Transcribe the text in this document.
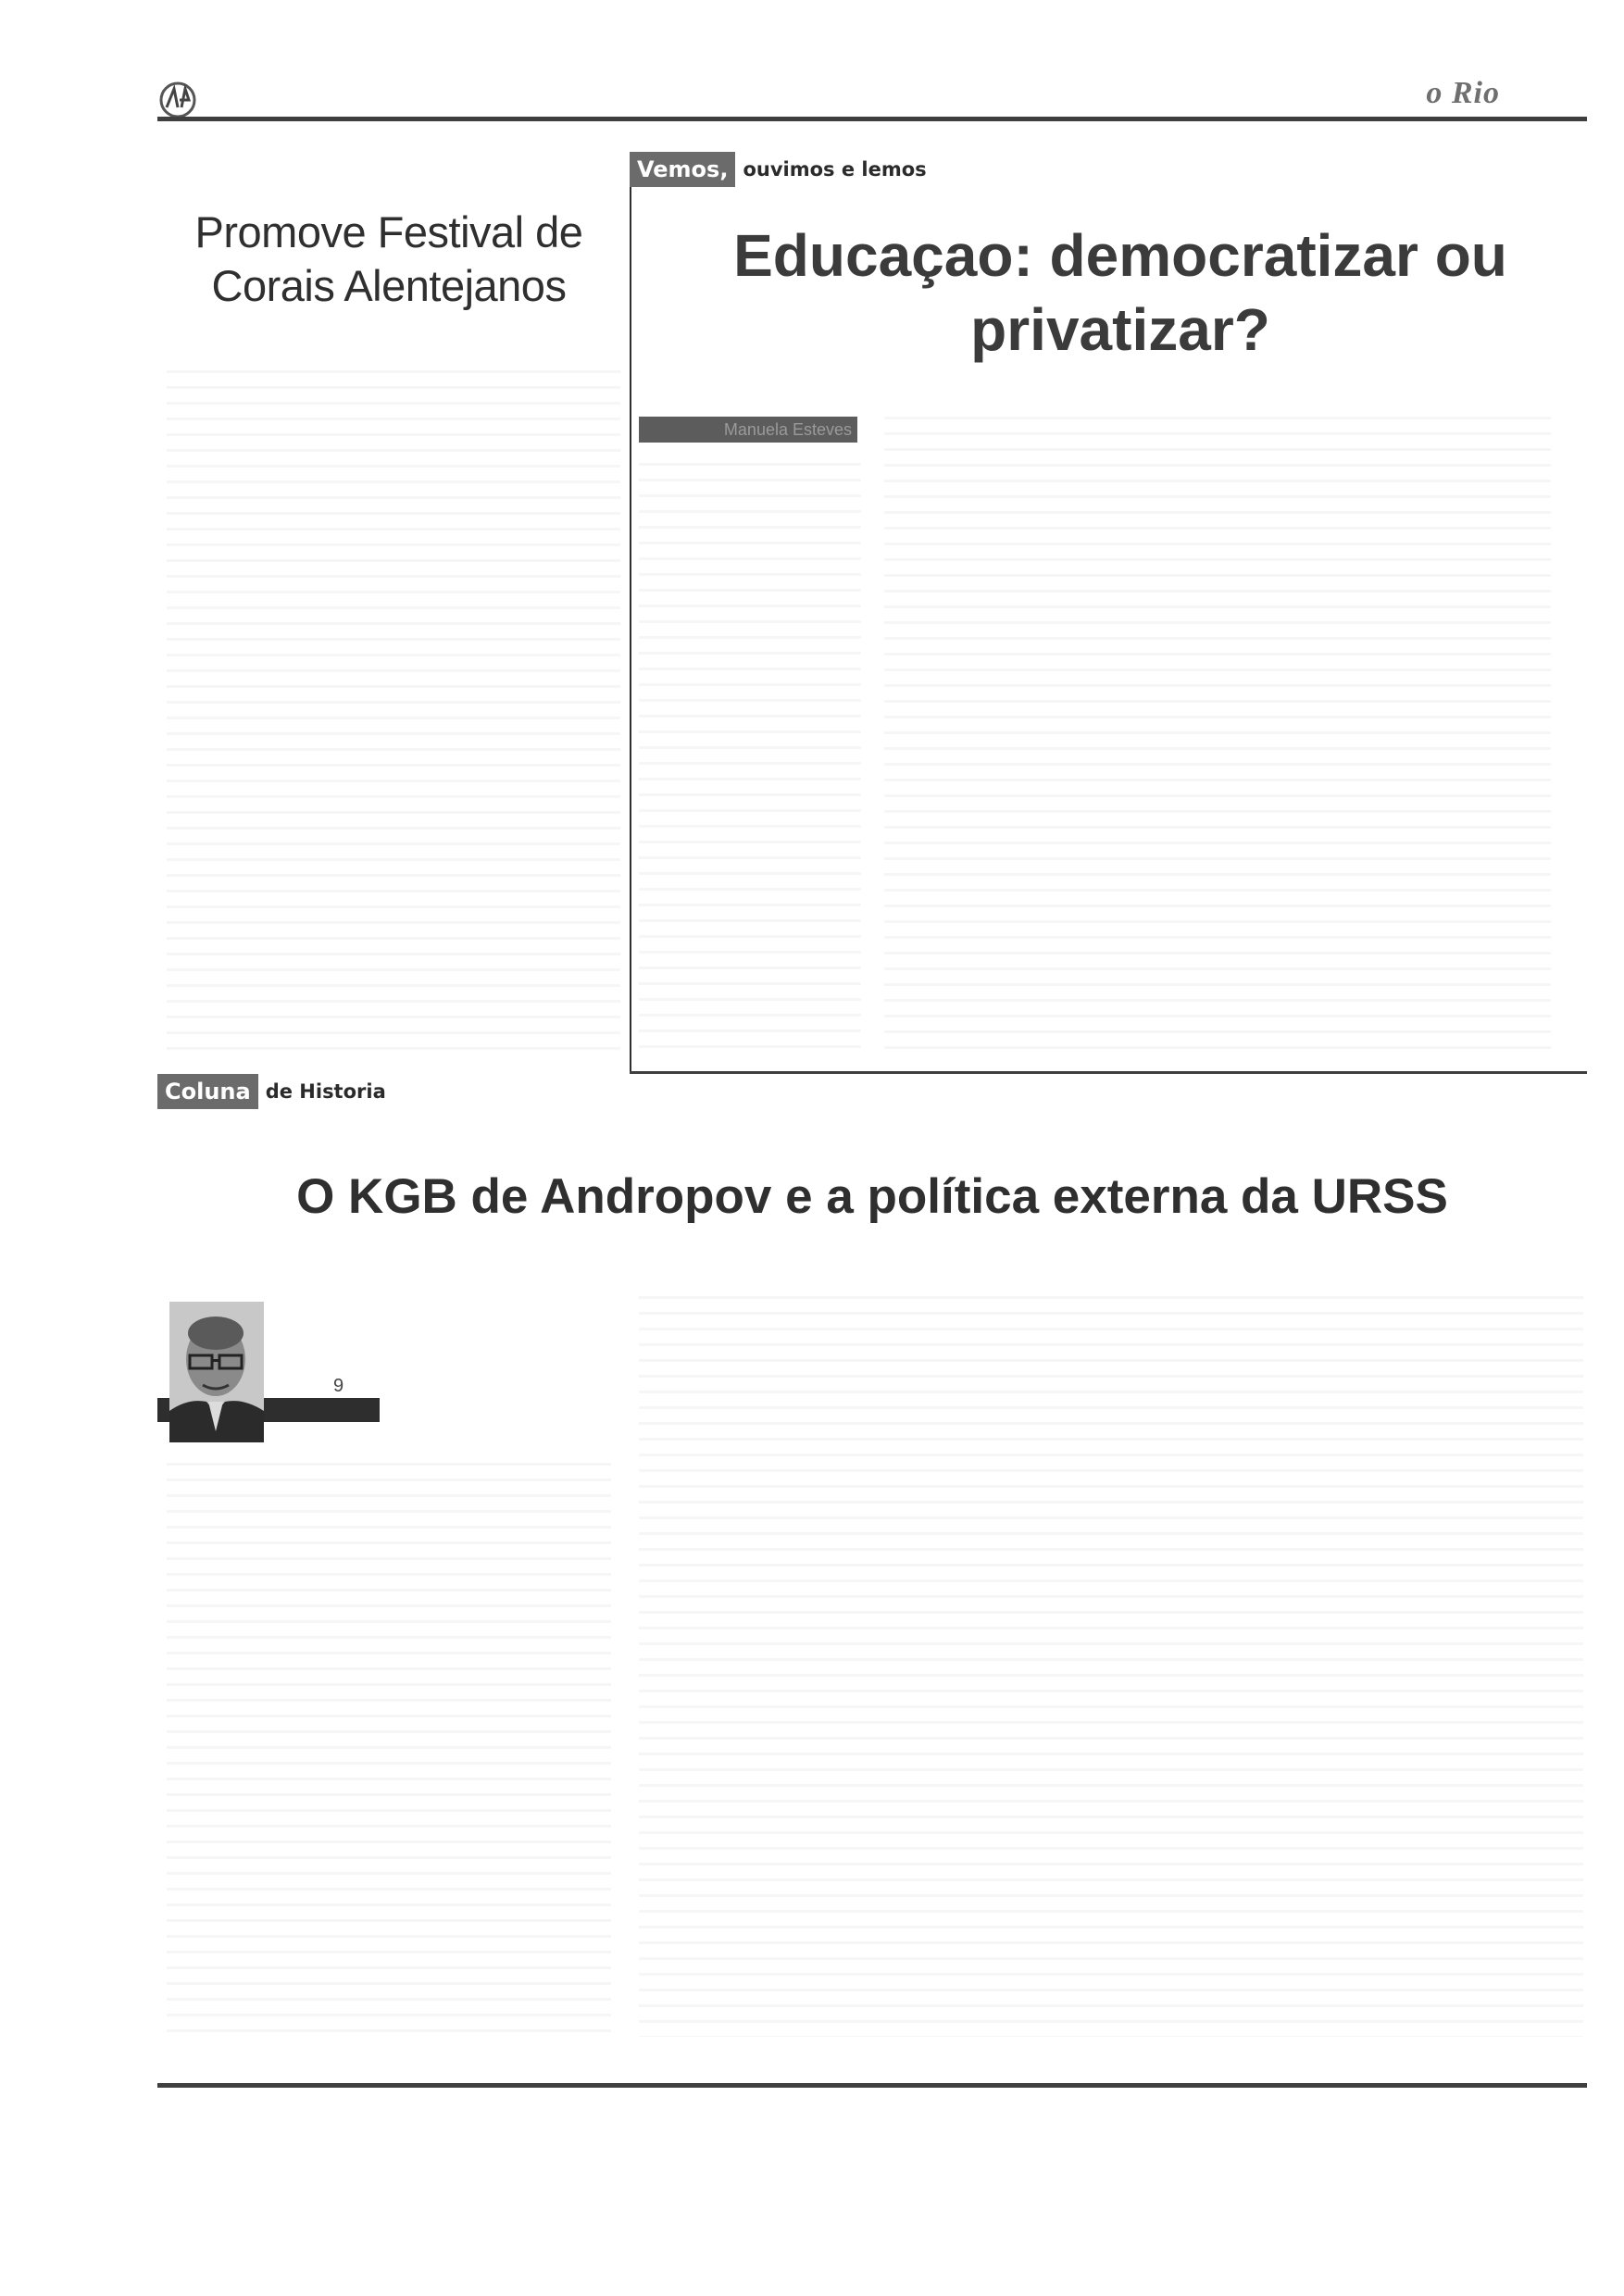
o Rio
Promove Festival de Corais Alentejanos
Vemos, ouvimos e lemos
Educaçao: democratizar ou privatizar?
Manuela Esteves
Coluna de Historia
O KGB de Andropov e a política externa da URSS
9
